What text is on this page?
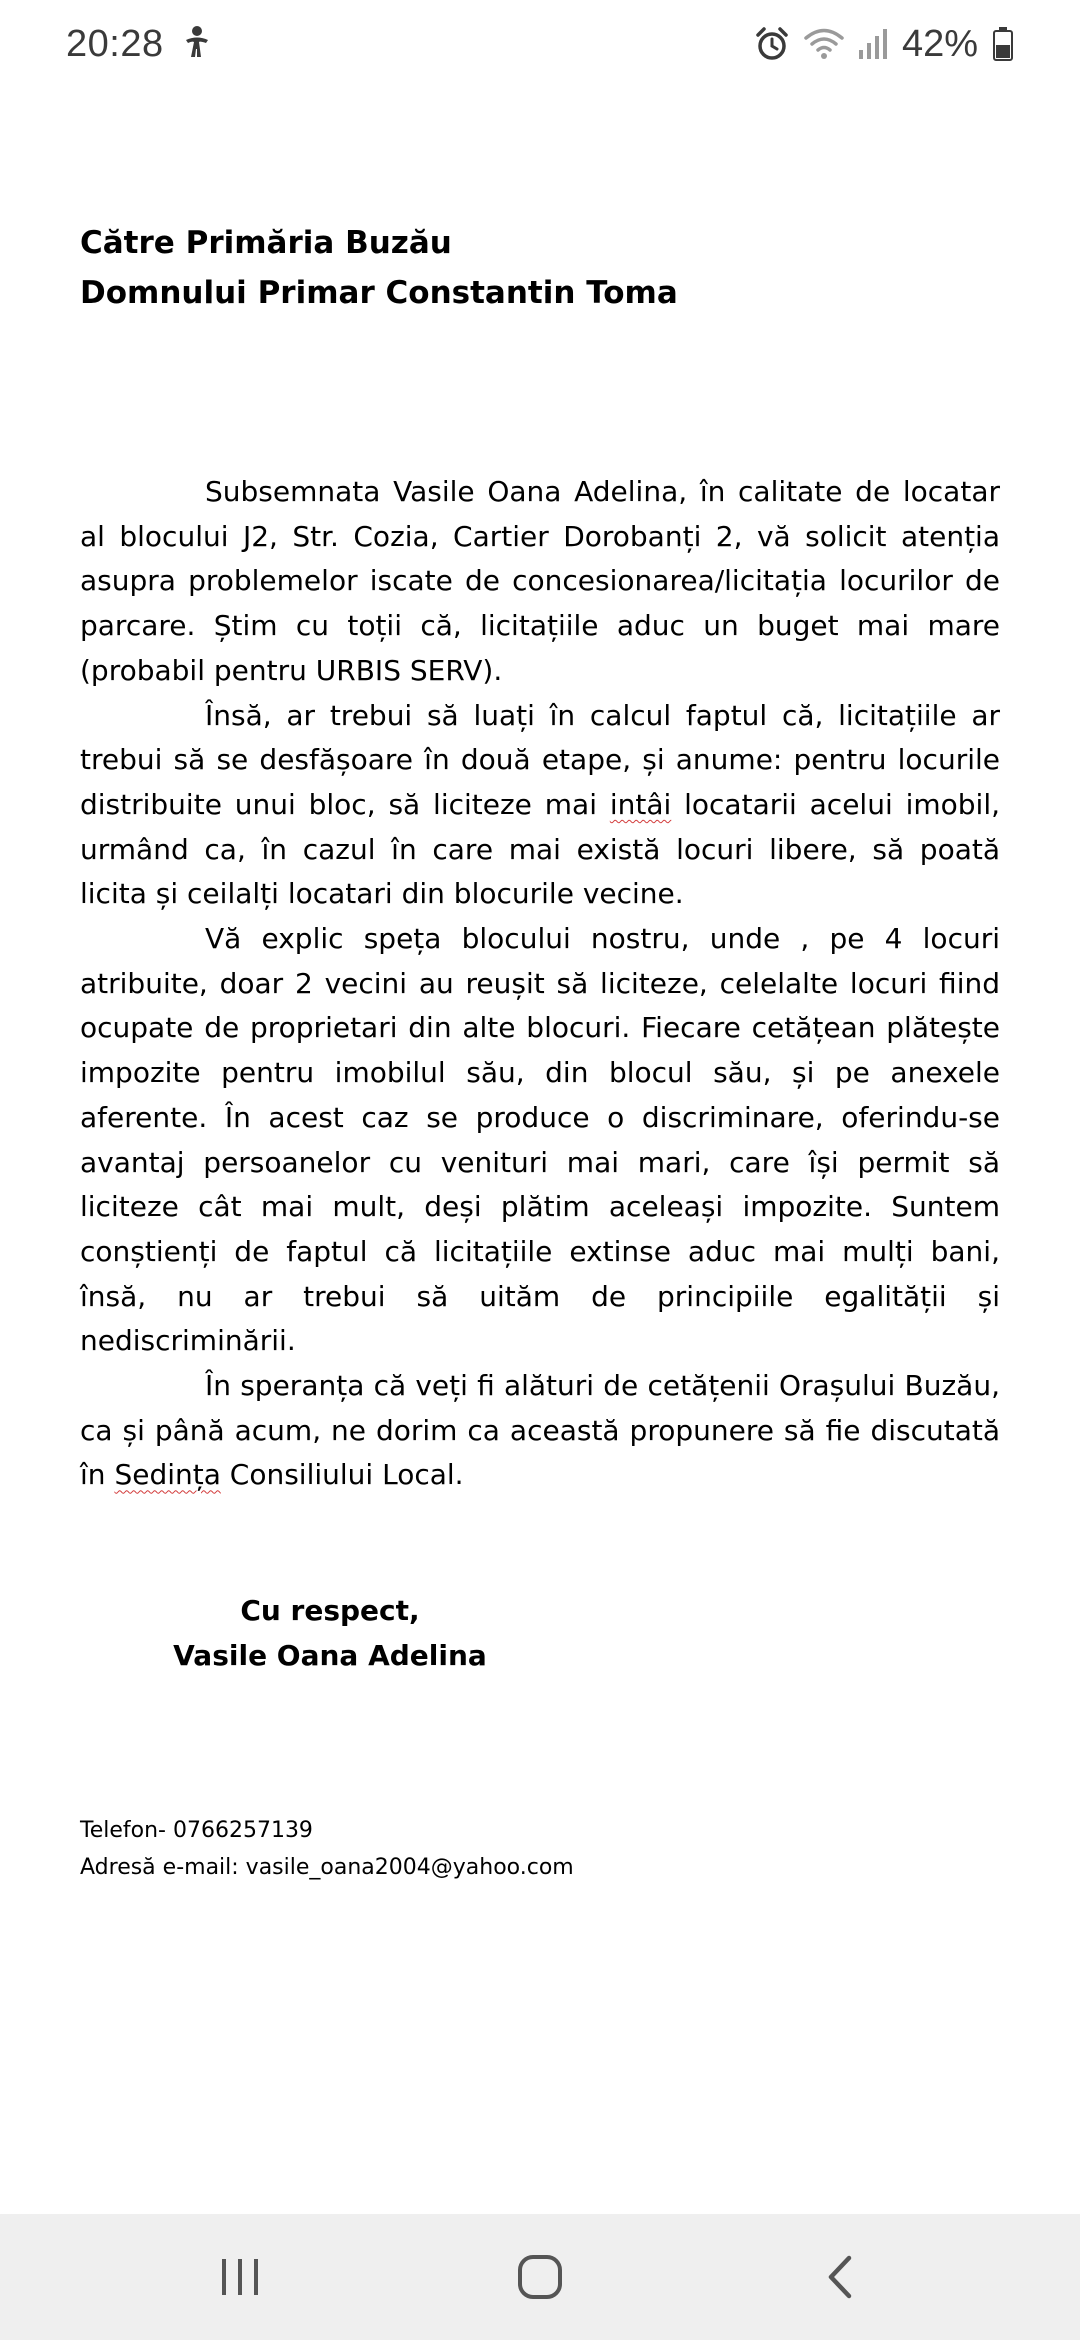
20:28	42%
Către Primăria Buzău
Domnului Primar Constantin Toma

Subsemnata Vasile Oana Adelina, în calitate de locatar al blocului J2, Str. Cozia, Cartier Dorobanți 2, vă solicit atenția asupra problemelor iscate de concesionarea/licitația locurilor de parcare. Știm cu toții că, licitațiile aduc un buget mai mare (probabil pentru URBIS SERV).

Însă, ar trebui să luați în calcul faptul că, licitațiile ar trebui să se desfășoare în două etape, și anume: pentru locurile distribuite unui bloc, să liciteze mai intâi locatarii acelui imobil, urmând ca, în cazul în care mai există locuri libere, să poată licita și ceilalți locatari din blocurile vecine.

Vă explic speța blocului nostru, unde , pe 4 locuri atribuite, doar 2 vecini au reușit să liciteze, celelalte locuri fiind ocupate de proprietari din alte blocuri. Fiecare cetățean plătește impozite pentru imobilul său, din blocul său, și pe anexele aferente. În acest caz se produce o discriminare, oferindu-se avantaj persoanelor cu venituri mai mari, care își permit să liciteze cât mai mult, deși plătim aceleași impozite. Suntem conștienți de faptul că licitațiile extinse aduc mai mulți bani, însă, nu ar trebui să uităm de principiile egalității și nediscriminării.

În speranța că veți fi alături de cetățenii Orașului Buzău, ca și până acum, ne dorim ca această propunere să fie discutată în Sedința Consiliului Local.

Cu respect,
Vasile Oana Adelina
Telefon- 0766257139
Adresă e-mail: vasile_oana2004@yahoo.com
